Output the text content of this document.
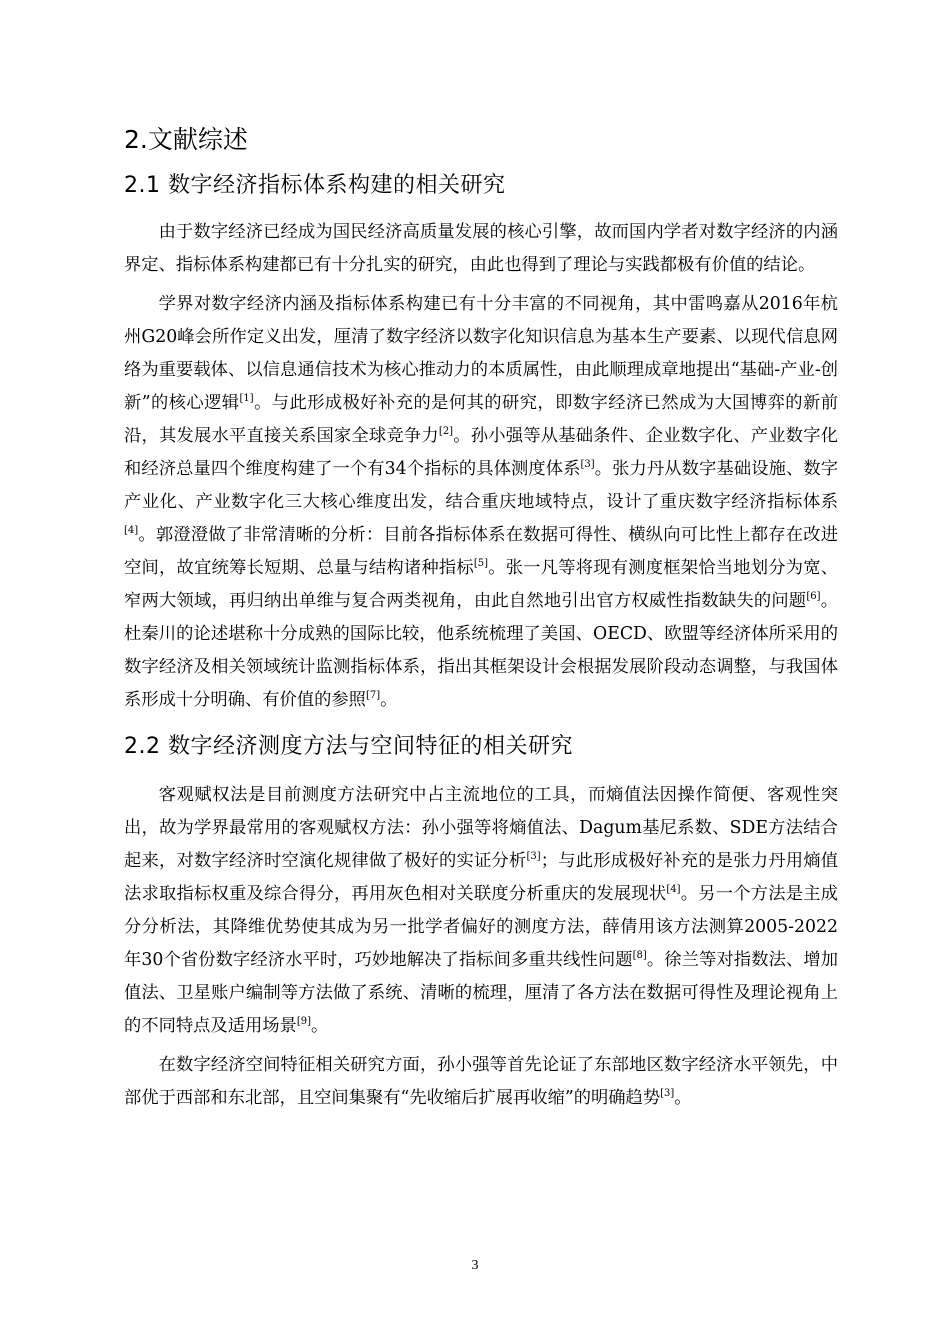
2.文献综述
2.1 数字经济指标体系构建的相关研究

由于数字经济已经成为国民经济高质量发展的核心引擎，故而国内学者对数字经济的内涵界定、指标体系构建都已有十分扎实的研究，由此也得到了理论与实践都极有价值的结论。

学界对数字经济内涵及指标体系构建已有十分丰富的不同视角，其中雷鸣嘉从2016年杭州G20峰会所作定义出发，厘清了数字经济以数字化知识信息为基本生产要素、以现代信息网络为重要载体、以信息通信技术为核心推动力的本质属性，由此顺理成章地提出“基础-产业-创新”的核心逻辑[1]。与此形成极好补充的是何其的研究，即数字经济已然成为大国博弈的新前沿，其发展水平直接关系国家全球竞争力[2]。孙小强等从基础条件、企业数字化、产业数字化和经济总量四个维度构建了一个有34个指标的具体测度体系[3]。张力丹从数字基础设施、数字产业化、产业数字化三大核心维度出发，结合重庆地域特点，设计了重庆数字经济指标体系[4]。郭澄澄做了非常清晰的分析：目前各指标体系在数据可得性、横纵向可比性上都存在改进空间，故宜统筹长短期、总量与结构诸种指标[5]。张一凡等将现有测度框架恰当地划分为宽、窄两大领域，再归纳出单维与复合两类视角，由此自然地引出官方权威性指数缺失的问题[6]。杜秦川的论述堪称十分成熟的国际比较，他系统梳理了美国、OECD、欧盟等经济体所采用的数字经济及相关领域统计监测指标体系，指出其框架设计会根据发展阶段动态调整，与我国体系形成十分明确、有价值的参照[7]。

2.2 数字经济测度方法与空间特征的相关研究

客观赋权法是目前测度方法研究中占主流地位的工具，而熵值法因操作简便、客观性突出，故为学界最常用的客观赋权方法：孙小强等将熵值法、Dagum基尼系数、SDE方法结合起来，对数字经济时空演化规律做了极好的实证分析[3]；与此形成极好补充的是张力丹用熵值法求取指标权重及综合得分，再用灰色相对关联度分析重庆的发展现状[4]。另一个方法是主成分分析法，其降维优势使其成为另一批学者偏好的测度方法，薛倩用该方法测算2005-2022年30个省份数字经济水平时，巧妙地解决了指标间多重共线性问题[8]。徐兰等对指数法、增加值法、卫星账户编制等方法做了系统、清晰的梳理，厘清了各方法在数据可得性及理论视角上的不同特点及适用场景[9]。

在数字经济空间特征相关研究方面，孙小强等首先论证了东部地区数字经济水平领先，中部优于西部和东北部，且空间集聚有“先收缩后扩展再收缩”的明确趋势[3]。

3
